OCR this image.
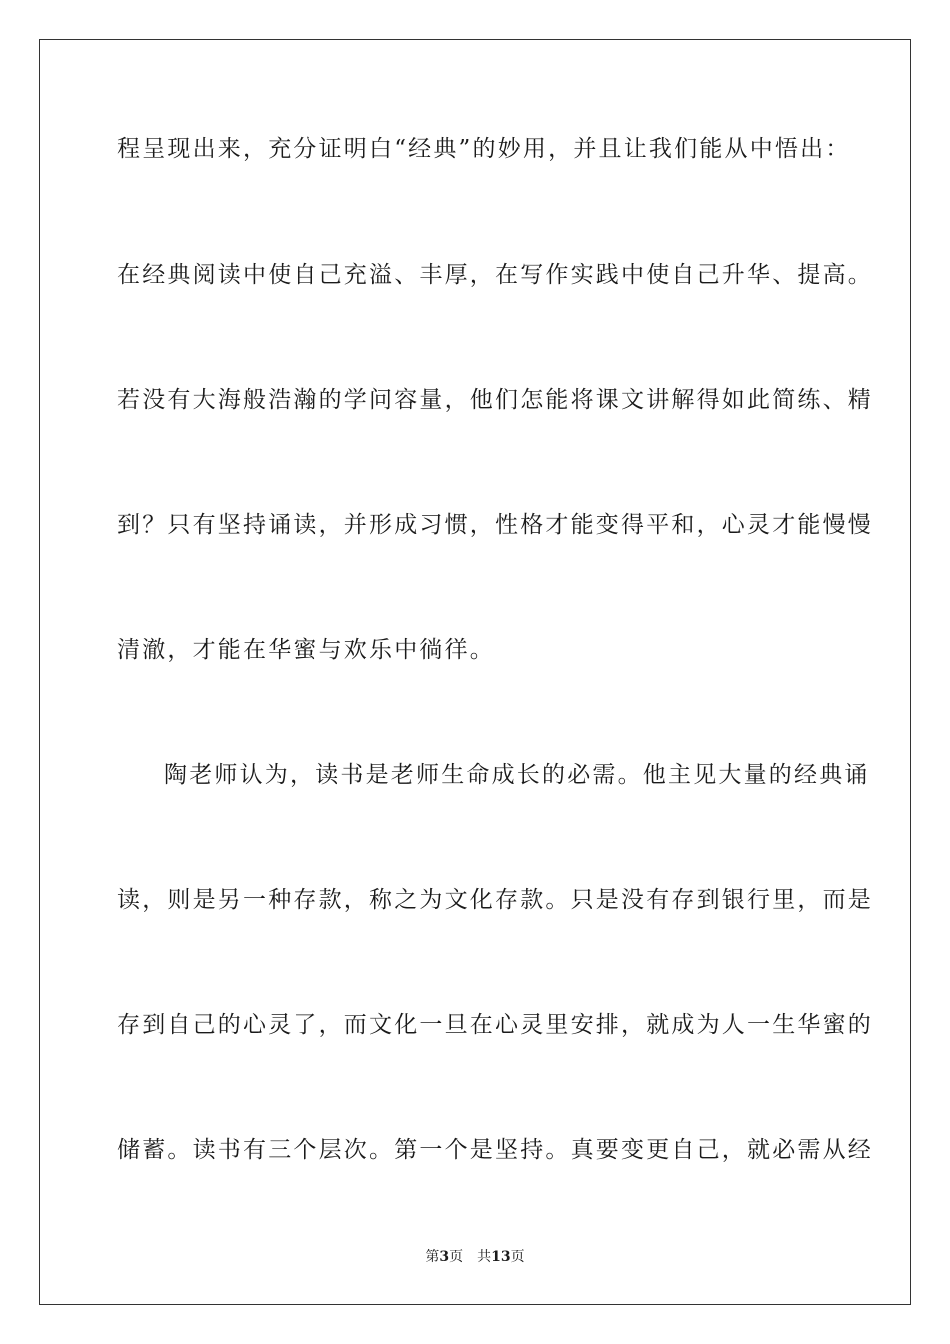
程呈现出来，充分证明白“经典”的妙用，并且让我们能从中悟出：
在经典阅读中使自己充溢、丰厚，在写作实践中使自己升华、提高。
若没有大海般浩瀚的学问容量，他们怎能将课文讲解得如此简练、精
到？只有坚持诵读，并形成习惯，性格才能变得平和，心灵才能慢慢
清澈，才能在华蜜与欢乐中徜徉。
陶老师认为，读书是老师生命成长的必需。他主见大量的经典诵
读，则是另一种存款，称之为文化存款。只是没有存到银行里，而是
存到自己的心灵了，而文化一旦在心灵里安排，就成为人一生华蜜的
储蓄。读书有三个层次。第一个是坚持。真要变更自己，就必需从经
第3页 共13页
